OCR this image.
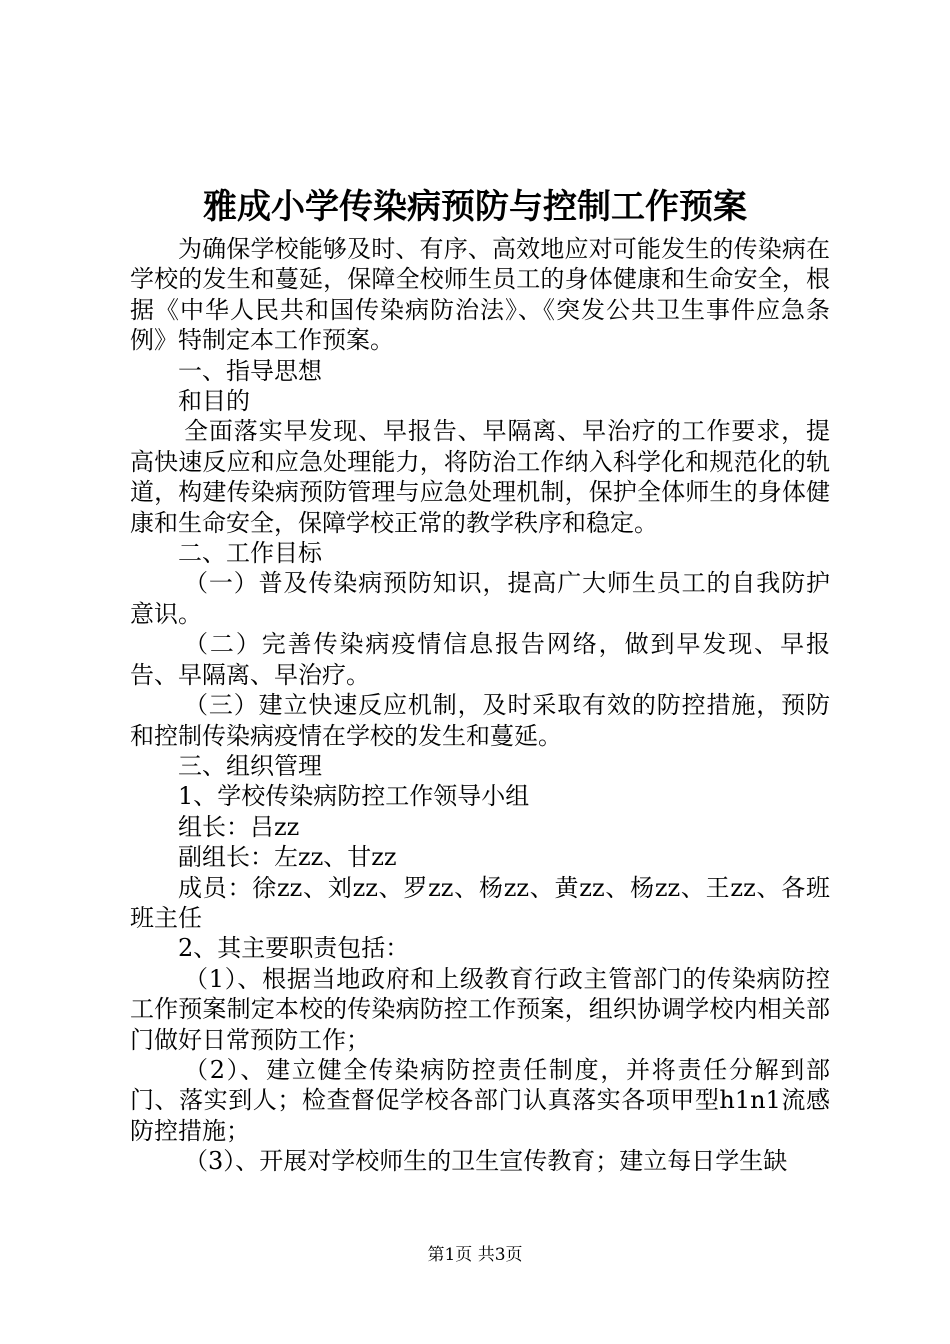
雅成小学传染病预防与控制工作预案

为确保学校能够及时、有序、高效地应对可能发生的传染病在学校的发生和蔓延，保障全校师生员工的身体健康和生命安全，根据《中华人民共和国传染病防治法》、《突发公共卫生事件应急条例》特制定本工作预案。

一、指导思想

和目的

全面落实早发现、早报告、早隔离、早治疗的工作要求，提高快速反应和应急处理能力，将防治工作纳入科学化和规范化的轨道，构建传染病预防管理与应急处理机制，保护全体师生的身体健康和生命安全，保障学校正常的教学秩序和稳定。

二、工作目标

（一）普及传染病预防知识，提高广大师生员工的自我防护意识。

（二）完善传染病疫情信息报告网络，做到早发现、早报告、早隔离、早治疗。

（三）建立快速反应机制，及时采取有效的防控措施，预防和控制传染病疫情在学校的发生和蔓延。

三、组织管理

1、学校传染病防控工作领导小组

组长：吕zz

副组长：左zz、甘zz

成员：徐zz、刘zz、罗zz、杨zz、黄zz、杨zz、王zz、各班班主任

2、其主要职责包括：

（1）、根据当地政府和上级教育行政主管部门的传染病防控工作预案制定本校的传染病防控工作预案，组织协调学校内相关部门做好日常预防工作；

（2）、建立健全传染病防控责任制度，并将责任分解到部门、落实到人；检查督促学校各部门认真落实各项甲型h1n1流感防控措施；

（3）、开展对学校师生的卫生宣传教育；建立每日学生缺

第1页 共3页
